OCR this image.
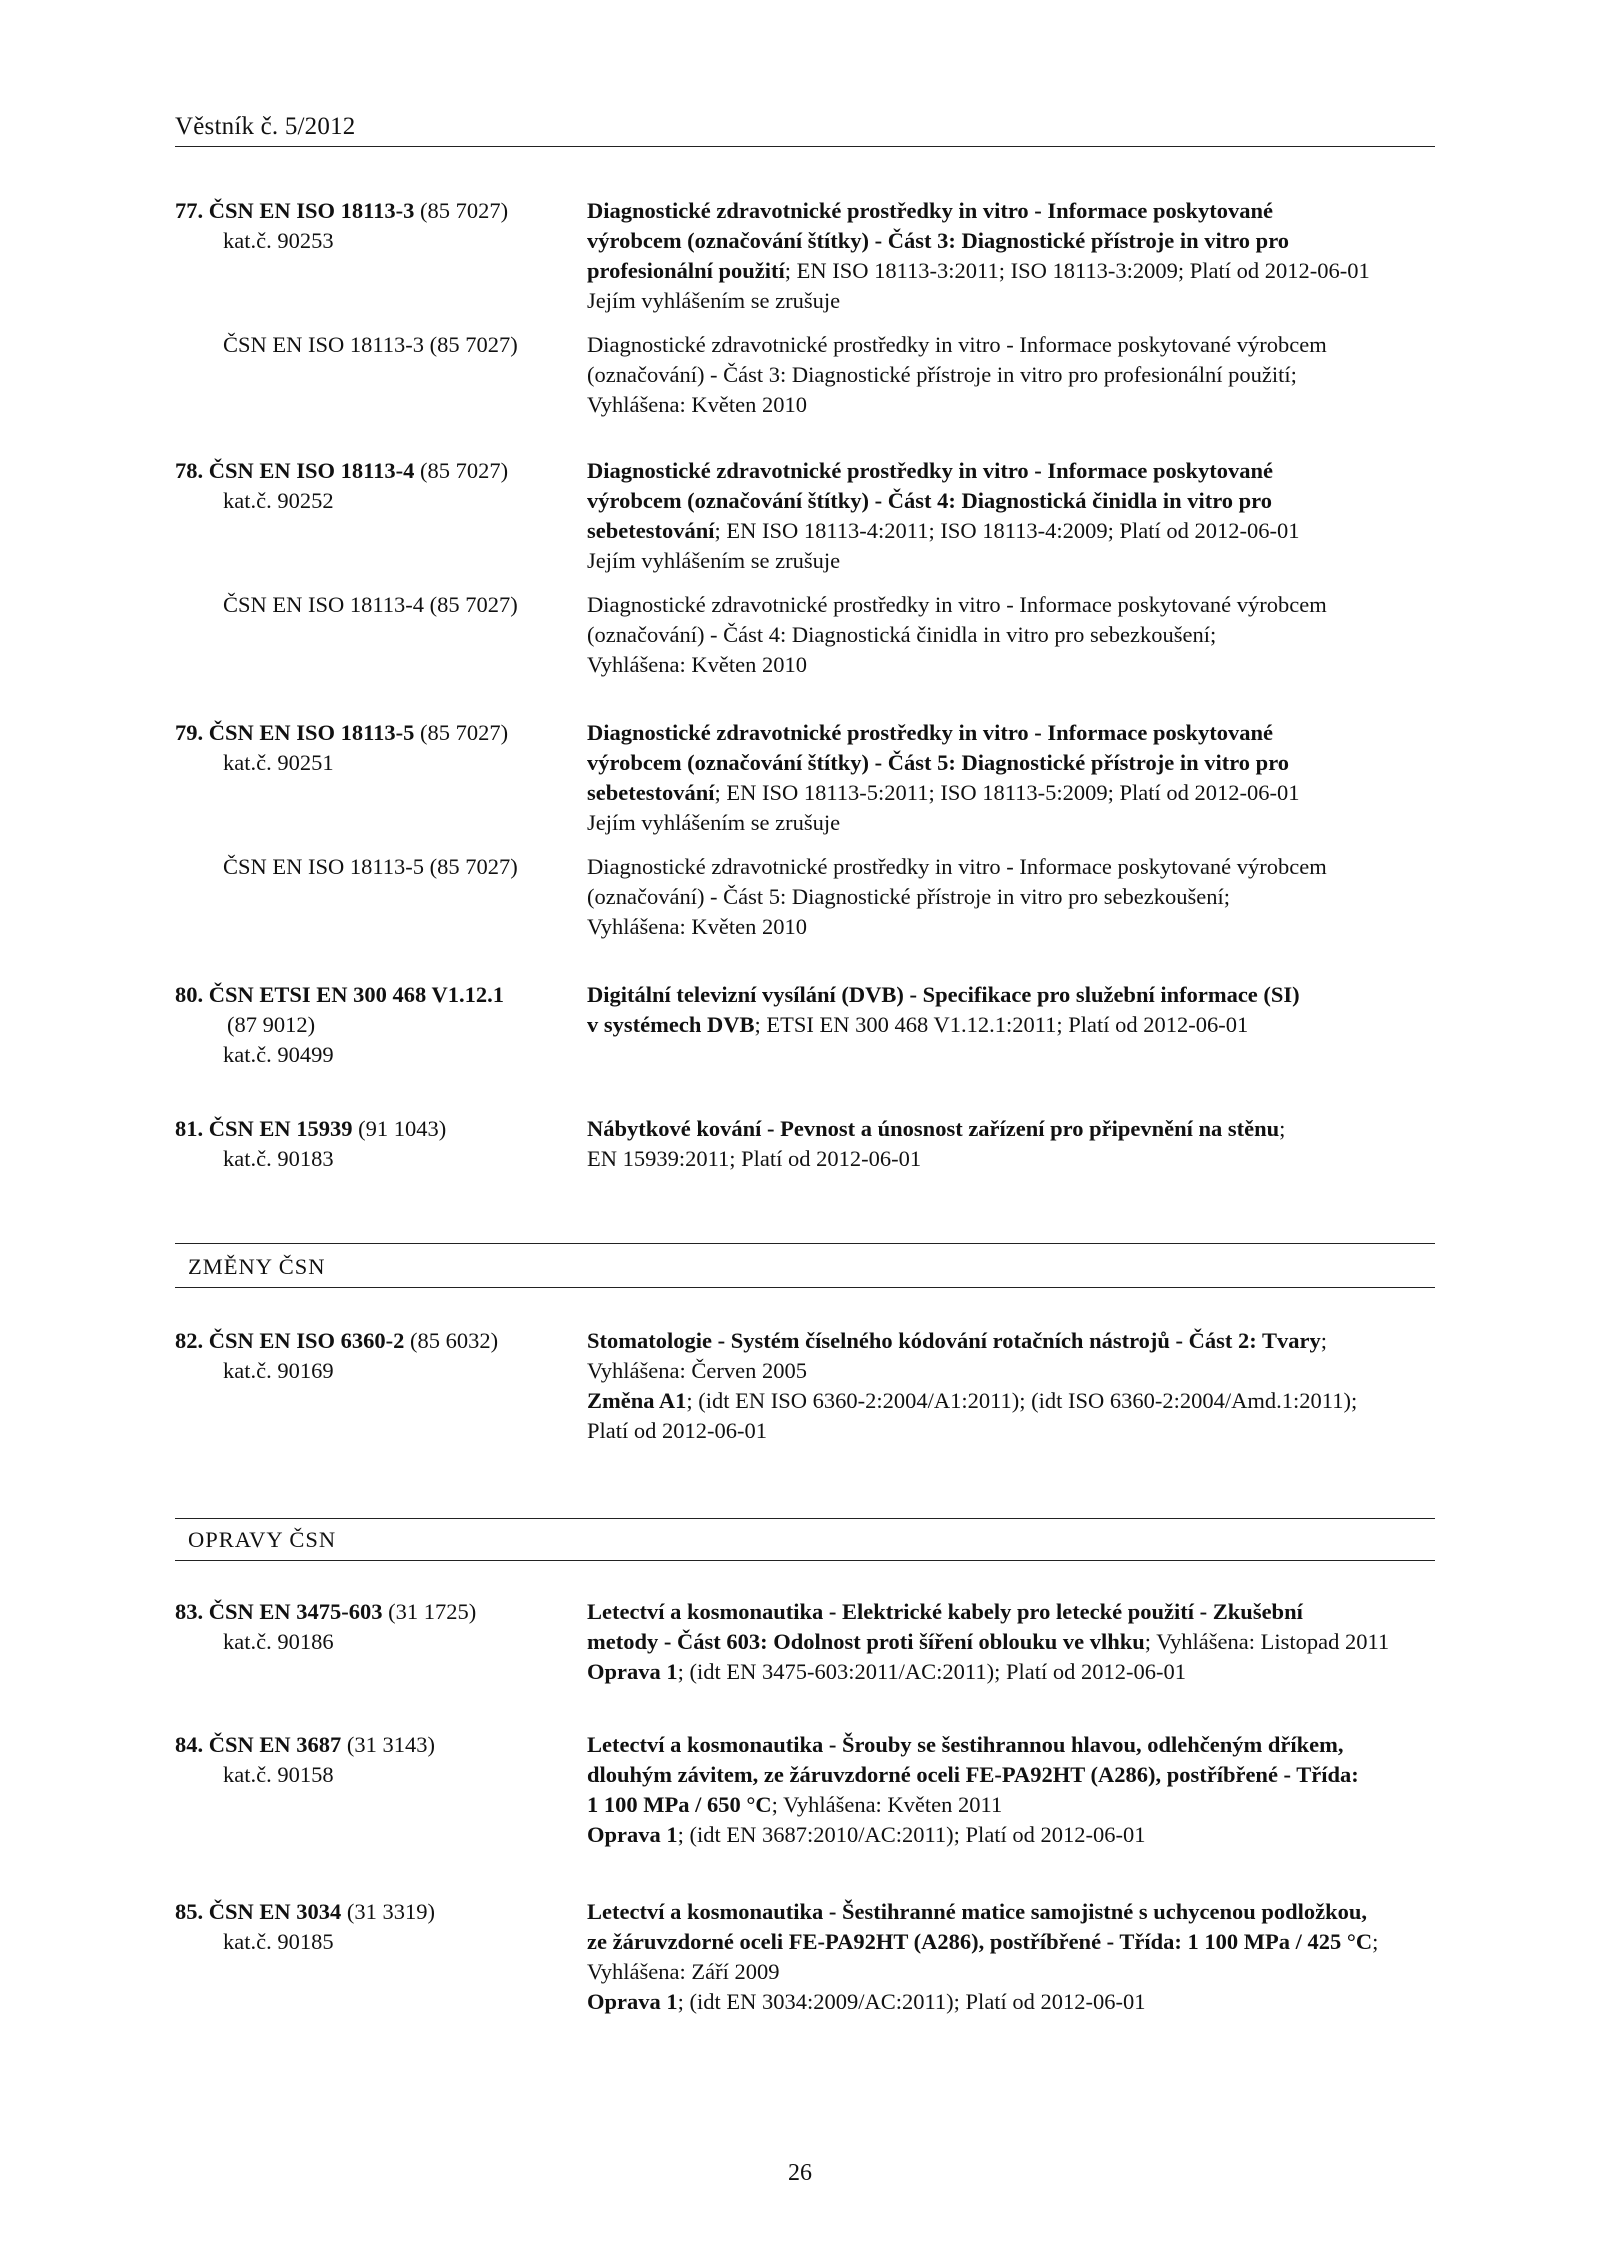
Věstník č. 5/2012
77. ČSN EN ISO 18113-3 (85 7027)
kat.č. 90253
ČSN EN ISO 18113-3 (85 7027)
Diagnostické zdravotnické prostředky in vitro - Informace poskytované
výrobcem (označování štítky) - Část 3: Diagnostické přístroje in vitro pro
profesionální použití; EN ISO 18113-3:2011; ISO 18113-3:2009; Platí od 2012-06-01
Jejím vyhlášením se zrušuje
Diagnostické zdravotnické prostředky in vitro - Informace poskytované výrobcem
(označování) - Část 3: Diagnostické přístroje in vitro pro profesionální použití;
Vyhlášena: Květen 2010
78. ČSN EN ISO 18113-4 (85 7027)
kat.č. 90252
ČSN EN ISO 18113-4 (85 7027)
Diagnostické zdravotnické prostředky in vitro - Informace poskytované
výrobcem (označování štítky) - Část 4: Diagnostická činidla in vitro pro
sebetestování; EN ISO 18113-4:2011; ISO 18113-4:2009; Platí od 2012-06-01
Jejím vyhlášením se zrušuje
Diagnostické zdravotnické prostředky in vitro - Informace poskytované výrobcem
(označování) - Část 4: Diagnostická činidla in vitro pro sebezkoušení;
Vyhlášena: Květen 2010
79. ČSN EN ISO 18113-5 (85 7027)
kat.č. 90251
ČSN EN ISO 18113-5 (85 7027)
Diagnostické zdravotnické prostředky in vitro - Informace poskytované
výrobcem (označování štítky) - Část 5: Diagnostické přístroje in vitro pro
sebetestování; EN ISO 18113-5:2011; ISO 18113-5:2009; Platí od 2012-06-01
Jejím vyhlášením se zrušuje
Diagnostické zdravotnické prostředky in vitro - Informace poskytované výrobcem
(označování) - Část 5: Diagnostické přístroje in vitro pro sebezkoušení;
Vyhlášena: Květen 2010
80. ČSN ETSI EN 300 468 V1.12.1
(87 9012)
kat.č. 90499
Digitální televizní vysílání (DVB) - Specifikace pro služební informace (SI)
v systémech DVB; ETSI EN 300 468 V1.12.1:2011; Platí od 2012-06-01
81. ČSN EN 15939 (91 1043)
kat.č. 90183
Nábytkové kování - Pevnost a únosnost zařízení pro připevnění na stěnu;
EN 15939:2011; Platí od 2012-06-01
82. ČSN EN ISO 6360-2 (85 6032)
kat.č. 90169
Stomatologie - Systém číselného kódování rotačních nástrojů - Část 2: Tvary;
Vyhlášena: Červen 2005
Změna A1; (idt EN ISO 6360-2:2004/A1:2011); (idt ISO 6360-2:2004/Amd.1:2011);
Platí od 2012-06-01
83. ČSN EN 3475-603 (31 1725)
kat.č. 90186
Letectví a kosmonautika - Elektrické kabely pro letecké použití - Zkušební
metody - Část 603: Odolnost proti šíření oblouku ve vlhku; Vyhlášena: Listopad 2011
Oprava 1; (idt EN 3475-603:2011/AC:2011); Platí od 2012-06-01
84. ČSN EN 3687 (31 3143)
kat.č. 90158
Letectví a kosmonautika - Šrouby se šestihrannou hlavou, odlehčeným dříkem,
dlouhým závitem, ze žáruvzdorné oceli FE-PA92HT (A286), postříbřené - Třída:
1 100 MPa / 650 °C; Vyhlášena: Květen 2011
Oprava 1; (idt EN 3687:2010/AC:2011); Platí od 2012-06-01
85. ČSN EN 3034 (31 3319)
kat.č. 90185
Letectví a kosmonautika - Šestihranné matice samojistné s uchycenou podložkou,
ze žáruvzdorné oceli FE-PA92HT (A286), postříbřené - Třída: 1 100 MPa / 425 °C;
Vyhlášena: Září 2009
Oprava 1; (idt EN 3034:2009/AC:2011); Platí od 2012-06-01
ZMĚNY ČSN
OPRAVY ČSN
26
